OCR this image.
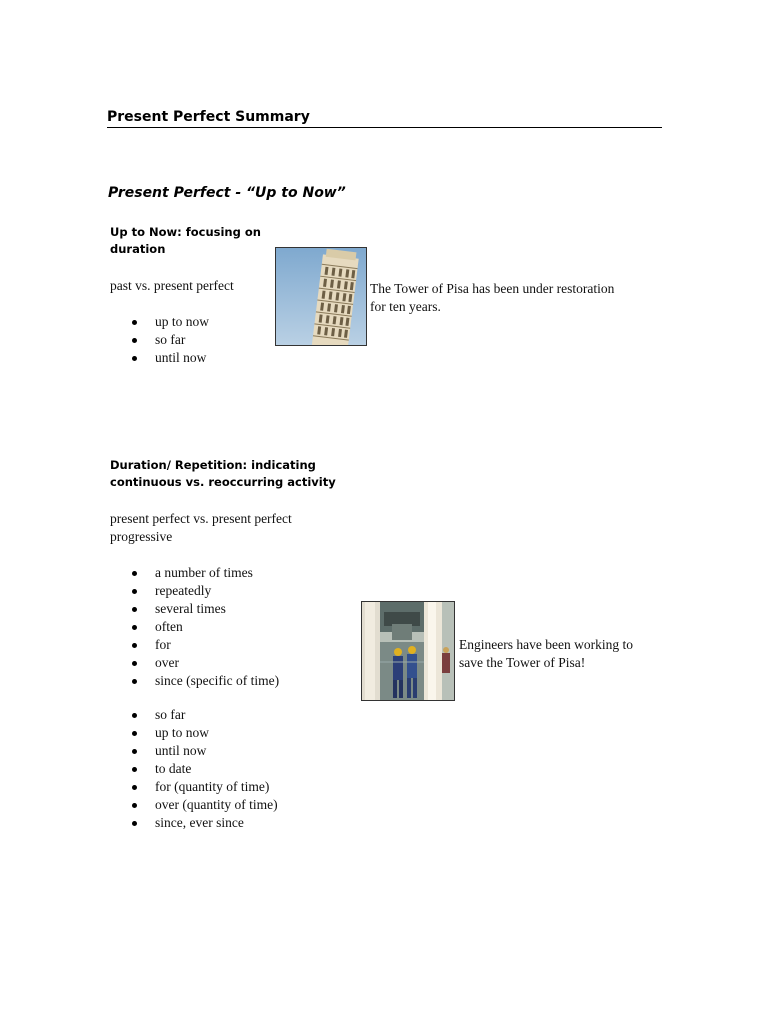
Present Perfect Summary
Present Perfect - “Up to Now”
Up to Now: focusing on duration
past vs. present perfect
up to now
so far
until now
The Tower of Pisa has been under restoration
for ten years.
Duration/ Repetition: indicating
continuous vs. reoccurring activity
present perfect vs. present perfect
progressive
a number of times
repeatedly
several times
often
for
over
since (specific of time)
so far
up to now
until now
to date
for (quantity of time)
over (quantity of time)
since, ever since
Engineers have been working to
save the Tower of Pisa!
